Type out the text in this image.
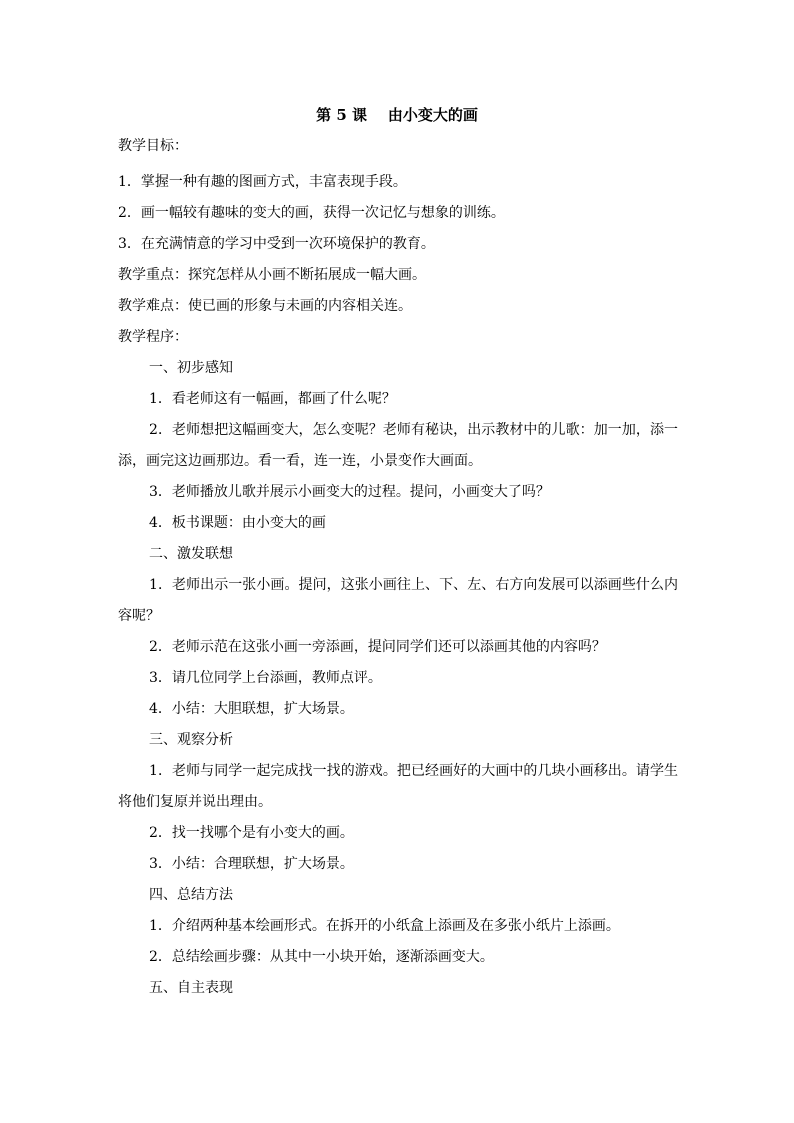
第 5 课    由小变大的画

教学目标：

1．掌握一种有趣的图画方式，丰富表现手段。

2．画一幅较有趣味的变大的画，获得一次记忆与想象的训练。

3．在充满情意的学习中受到一次环境保护的教育。

教学重点：探究怎样从小画不断拓展成一幅大画。

教学难点：使已画的形象与未画的内容相关连。

教学程序：

一、初步感知

1．看老师这有一幅画，都画了什么呢？

2．老师想把这幅画变大，怎么变呢？老师有秘诀，出示教材中的儿歌：加一加，添一添，画完这边画那边。看一看，连一连，小景变作大画面。

3．老师播放儿歌并展示小画变大的过程。提问，小画变大了吗？

4．板书课题：由小变大的画

二、激发联想

1．老师出示一张小画。提问，这张小画往上、下、左、右方向发展可以添画些什么内容呢？

2．老师示范在这张小画一旁添画，提问同学们还可以添画其他的内容吗？

3．请几位同学上台添画，教师点评。

4．小结：大胆联想，扩大场景。

三、观察分析

1．老师与同学一起完成找一找的游戏。把已经画好的大画中的几块小画移出。请学生将他们复原并说出理由。

2．找一找哪个是有小变大的画。

3．小结：合理联想，扩大场景。

四、总结方法

1．介绍两种基本绘画形式。在拆开的小纸盒上添画及在多张小纸片上添画。

2．总结绘画步骤：从其中一小块开始，逐渐添画变大。

五、自主表现
